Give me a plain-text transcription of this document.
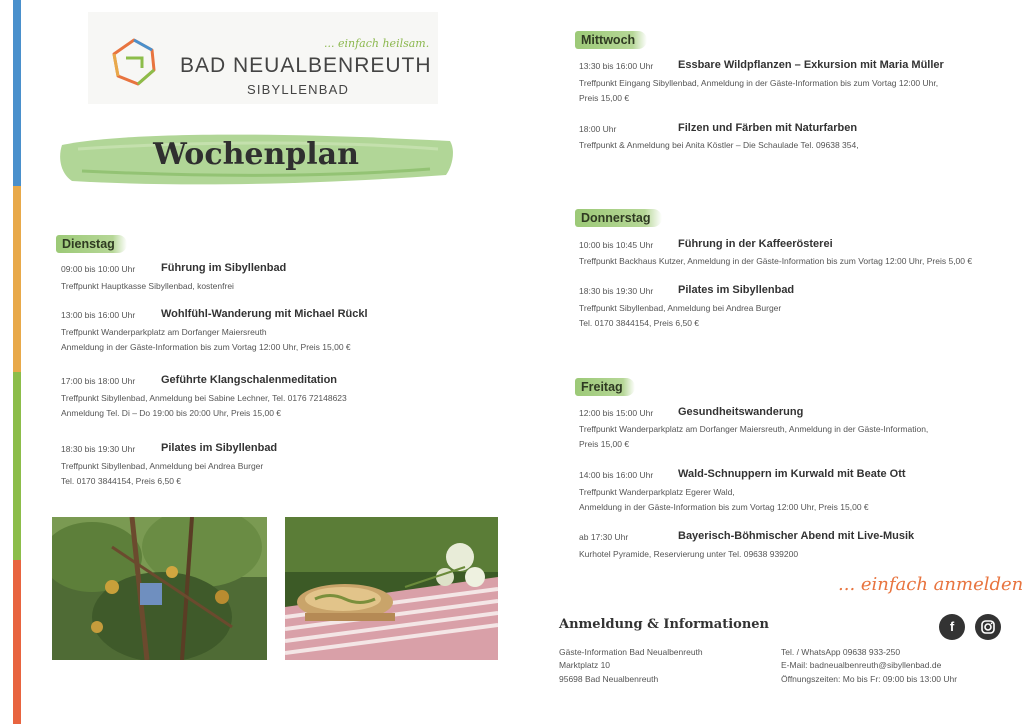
... einfach heilsam.
BAD NEUALBENREUTH
SIBYLLENBAD
Wochenplan
Dienstag
09:00 bis 10:00 Uhr Führung im Sibyllenbad
Treffpunkt Hauptkasse Sibyllenbad, kostenfrei
13:00 bis 16:00 Uhr Wohlfühl-Wanderung mit Michael Rückl
Treffpunkt Wanderparkplatz am Dorfanger Maiersreuth
Anmeldung in der Gäste-Information bis zum Vortag 12:00 Uhr, Preis 15,00 €
17:00 bis 18:00 Uhr Geführte Klangschalenmeditation
Treffpunkt Sibyllenbad, Anmeldung bei Sabine Lechner, Tel. 0176 72148623
Anmeldung Tel. Di – Do 19:00 bis 20:00 Uhr, Preis 15,00 €
18:30 bis 19:30 Uhr Pilates im Sibyllenbad
Treffpunkt Sibyllenbad, Anmeldung bei Andrea Burger
Tel. 0170 3844154, Preis 6,50 €
Mittwoch
13:30 bis 16:00 Uhr Essbare Wildpflanzen – Exkursion mit Maria Müller
Treffpunkt Eingang Sibyllenbad, Anmeldung in der Gäste-Information bis zum Vortag 12:00 Uhr,
Preis 15,00 €
18:00 Uhr	Filzen und Färben mit Naturfarben
Treffpunkt & Anmeldung bei Anita Köstler – Die Schaulade Tel. 09638 354,
Donnerstag
10:00 bis 10:45 Uhr Führung in der Kaffeerösterei
Treffpunkt Backhaus Kutzer, Anmeldung in der Gäste-Information bis zum Vortag 12:00 Uhr, Preis 5,00 €
18:30 bis 19:30 Uhr Pilates im Sibyllenbad
Treffpunkt Sibyllenbad, Anmeldung bei Andrea Burger
Tel. 0170 3844154, Preis 6,50 €
Freitag
12:00 bis 15:00 Uhr Gesundheitswanderung
Treffpunkt Wanderparkplatz am Dorfanger Maiersreuth, Anmeldung in der Gäste-Information,
Preis 15,00 €
14:00 bis 16:00 Uhr Wald-Schnuppern im Kurwald mit Beate Ott
Treffpunkt Wanderparkplatz Egerer Wald,
Anmeldung in der Gäste-Information bis zum Vortag 12:00 Uhr, Preis 15,00 €
ab 17:30 Uhr	Bayerisch-Böhmischer Abend mit Live-Musik
Kurhotel Pyramide, Reservierung unter Tel. 09638 939200
... einfach anmelden
Anmeldung & Informationen
Gäste-Information Bad Neualbenreuth
Marktplatz 10
95698 Bad Neualbenreuth
Tel. / WhatsApp 09638 933-250
E-Mail: badneualbenreuth@sibyllenbad.de
Öffnungszeiten: Mo bis Fr: 09:00 bis 13:00 Uhr
f
